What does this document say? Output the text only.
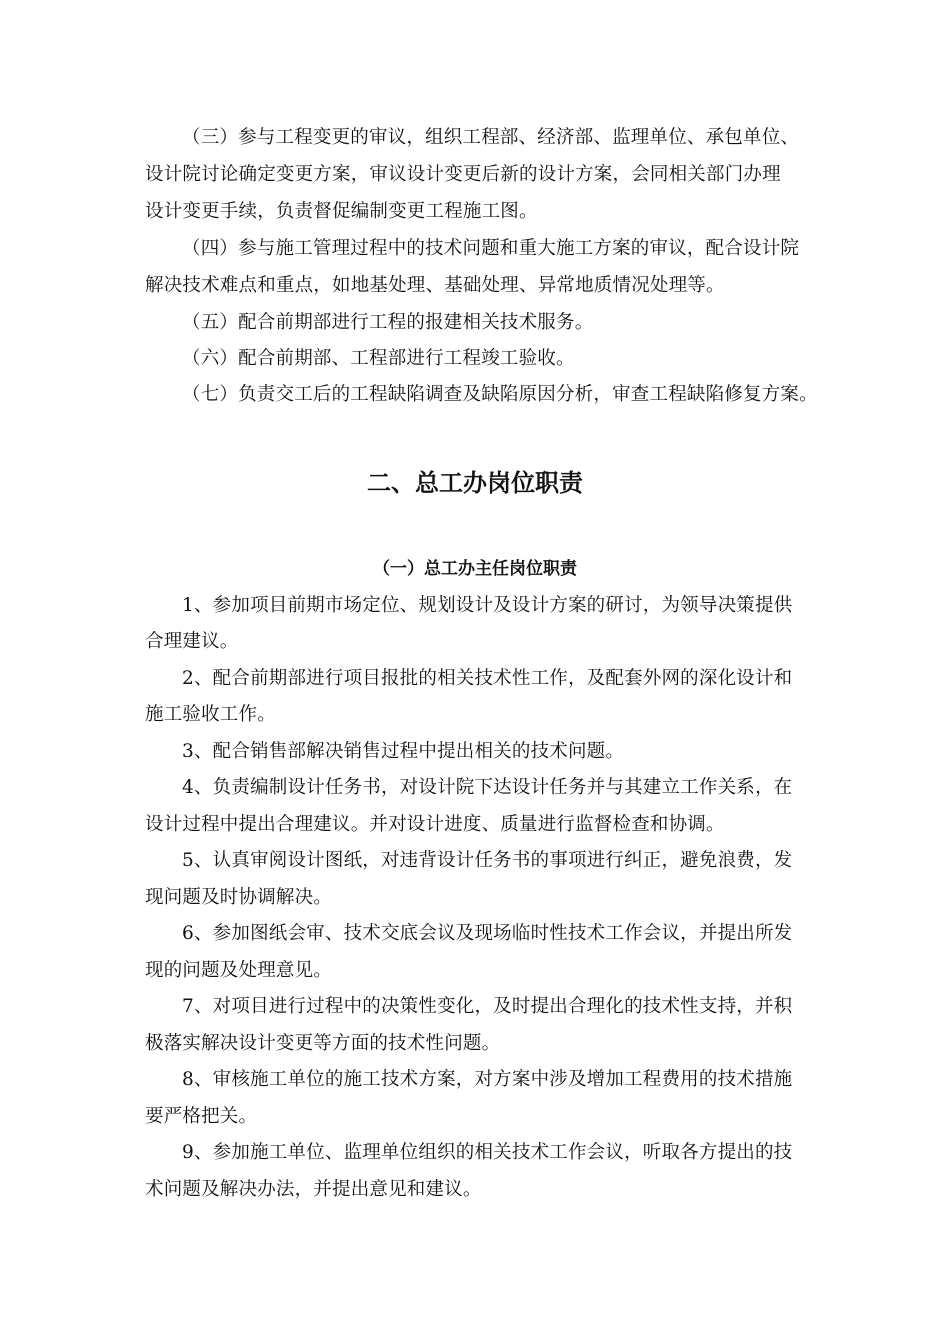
（三）参与工程变更的审议，组织工程部、经济部、监理单位、承包单位、
设计院讨论确定变更方案，审议设计变更后新的设计方案，会同相关部门办理
设计变更手续，负责督促编制变更工程施工图。
（四）参与施工管理过程中的技术问题和重大施工方案的审议，配合设计院
解决技术难点和重点，如地基处理、基础处理、异常地质情况处理等。
（五）配合前期部进行工程的报建相关技术服务。
（六）配合前期部、工程部进行工程竣工验收。
（七）负责交工后的工程缺陷调查及缺陷原因分析，审查工程缺陷修复方案。
二、总工办岗位职责
（一）总工办主任岗位职责
1、参加项目前期市场定位、规划设计及设计方案的研讨，为领导决策提供
合理建议。
2、配合前期部进行项目报批的相关技术性工作，及配套外网的深化设计和
施工验收工作。
3、配合销售部解决销售过程中提出相关的技术问题。
4、负责编制设计任务书，对设计院下达设计任务并与其建立工作关系，在
设计过程中提出合理建议。并对设计进度、质量进行监督检查和协调。
5、认真审阅设计图纸，对违背设计任务书的事项进行纠正，避免浪费，发
现问题及时协调解决。
6、参加图纸会审、技术交底会议及现场临时性技术工作会议，并提出所发
现的问题及处理意见。
7、对项目进行过程中的决策性变化，及时提出合理化的技术性支持，并积
极落实解决设计变更等方面的技术性问题。
8、审核施工单位的施工技术方案，对方案中涉及增加工程费用的技术措施
要严格把关。
9、参加施工单位、监理单位组织的相关技术工作会议，听取各方提出的技
术问题及解决办法，并提出意见和建议。
